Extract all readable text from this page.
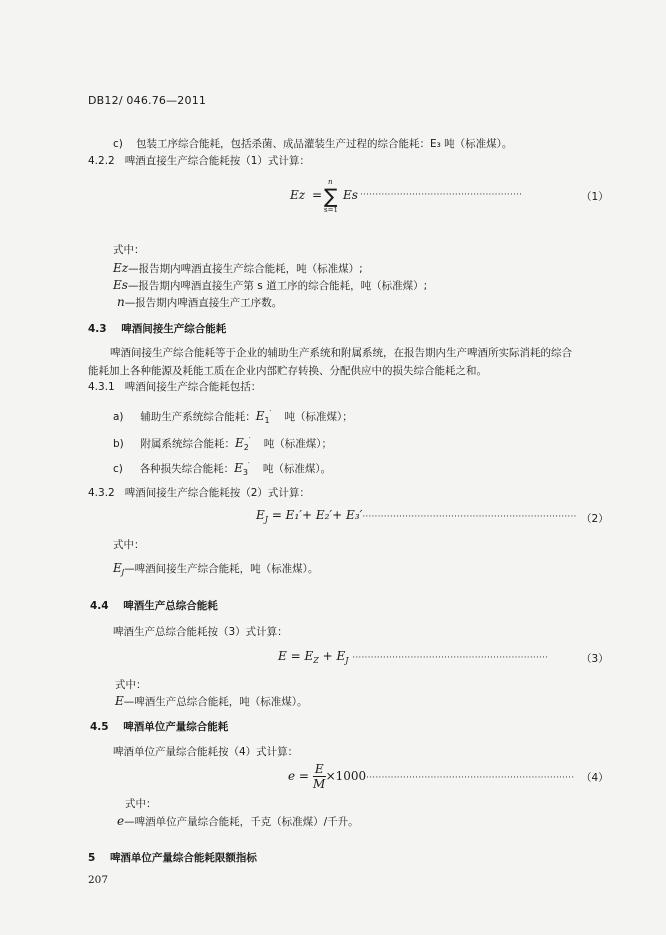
DB12/ 046.76—2011
c) 包装工序综合能耗，包括杀菌、成品灌装生产过程的综合能耗：E₃ 吨（标准煤）。
4.2.2 啤酒直接生产综合能耗按（1）式计算：
Ez =
n
∑
s=1
Es ·····················································	（1）
式中：
Ez—报告期内啤酒直接生产综合能耗，吨（标准煤）;
Es—报告期内啤酒直接生产第 s 道工序的综合能耗，吨（标准煤）;
n—报告期内啤酒直接生产工序数。
4.3 啤酒间接生产综合能耗
啤酒间接生产综合能耗等于企业的辅助生产系统和附属系统，在报告期内生产啤酒所实际消耗的综合能耗加上各种能源及耗能工质在企业内部贮存转换、分配供应中的损失综合能耗之和。
4.3.1 啤酒间接生产综合能耗包括：
a) 辅助生产系统综合能耗：$E_1'$ 吨（标准煤）；
b) 附属系统综合能耗：$E_2'$ 吨（标准煤）；
c) 各种损失综合能耗：$E_3'$ 吨（标准煤）。
4.3.2 啤酒间接生产综合能耗按（2）式计算：
$E_J = E_1'+ E_2'+ E_3'\cdot\cdot\cdot\cdot\cdot\cdot\cdot\cdot\cdot\cdot\cdot\cdot\cdot\cdot\cdot\cdot\cdot\cdot\cdot\cdot\cdot\cdot\cdot\cdot\cdot\cdot\cdot\cdot\cdot\cdot\cdot\cdot\cdot\cdot\cdot\cdot\cdot\cdot\cdot\cdot\cdot\cdot\cdot\cdot\cdot\cdot\cdot\cdot\cdot\cdot\cdot\cdot\cdot\cdot\cdot\cdot\cdot\cdot\cdot\cdot\cdot\cdot\cdot\cdot\cdot\cdot\cdot\cdot\cdot\cdot (2)$
式中：
$E_J—$啤酒间接生产综合能耗，吨（标准煤）。
4.4 啤酒生产总综合能耗
啤酒生产总综合能耗按（3）式计算：
$E = E_Z + E_J$ ································································	（3）
式中：
E—啤酒生产总综合能耗，吨（标准煤）。
4.5 啤酒单位产量综合能耗
啤酒单位产量综合能耗按（4）式计算：
$e = \frac{E}{M} \times 1000\cdot\cdot\cdot\cdot\cdot\cdot\cdot\cdot\cdot\cdot\cdot\cdot\cdot\cdot\cdot\cdot\cdot\cdot\cdot\cdot\cdot\cdot\cdot\cdot\cdot\cdot\cdot\cdot\cdot\cdot\cdot\cdot\cdot\cdot\cdot\cdot\cdot\cdot\cdot\cdot\cdot\cdot\cdot\cdot\cdot\cdot\cdot\cdot\cdot\cdot\cdot\cdot\cdot\cdot\cdot\cdot\cdot\cdot\cdot\cdot\cdot\cdot\cdot\cdot\cdot\cdot\cdot\cdot (4)$
式中：
e—啤酒单位产量综合能耗，千克（标准煤）/千升。
5 啤酒单位产量综合能耗限额指标
207
